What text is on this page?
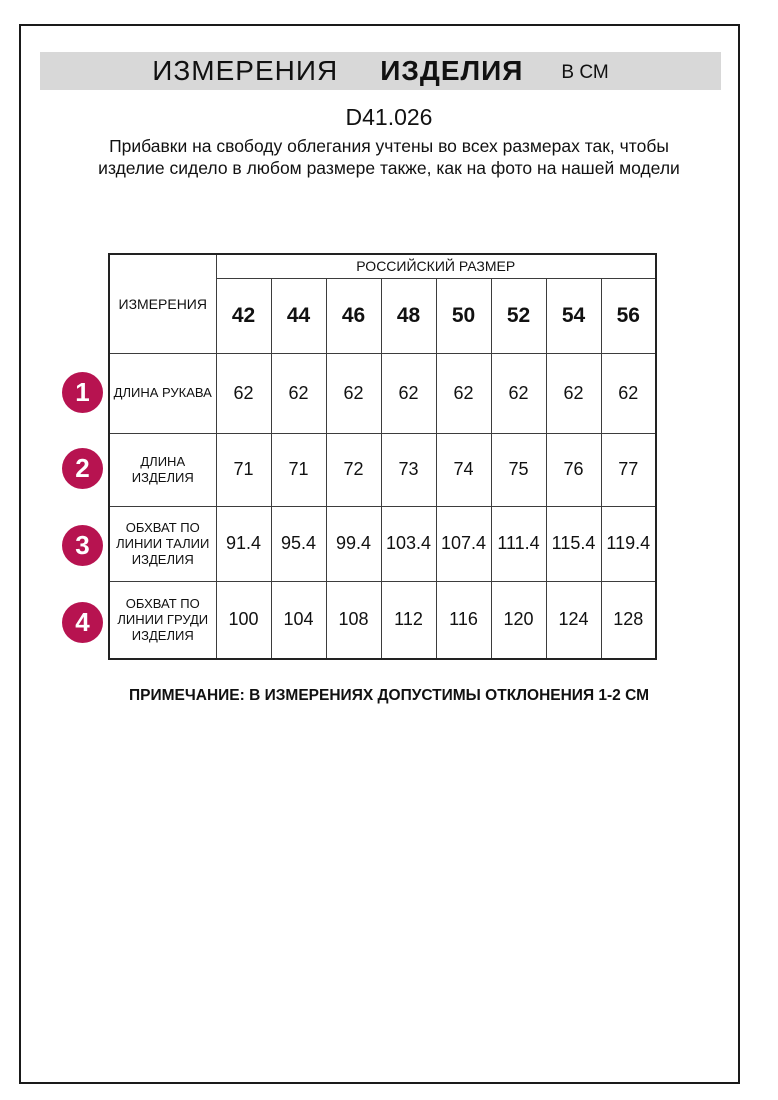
ИЗМЕРЕНИЯ ИЗДЕЛИЯ В СМ
D41.026
Прибавки на свободу облегания учтены во всех размерах так, чтобы изделие сидело в любом размере также, как на фото на нашей модели
ИЗМЕРЕНИЯ	РОССИЙСКИЙ РАЗМЕР							
	42	44	46	48	50	52	54	56
ДЛИНА РУКАВА	62	62	62	62	62	62	62	62
ДЛИНА ИЗДЕЛИЯ	71	71	72	73	74	75	76	77
ОБХВАТ ПО ЛИНИИ ТАЛИИ ИЗДЕЛИЯ	91.4	95.4	99.4	103.4	107.4	111.4	115.4	119.4
ОБХВАТ ПО ЛИНИИ ГРУДИ ИЗДЕЛИЯ	100	104	108	112	116	120	124	128
1
2
3
4
ПРИМЕЧАНИЕ: В ИЗМЕРЕНИЯХ ДОПУСТИМЫ ОТКЛОНЕНИЯ 1-2 СМ
